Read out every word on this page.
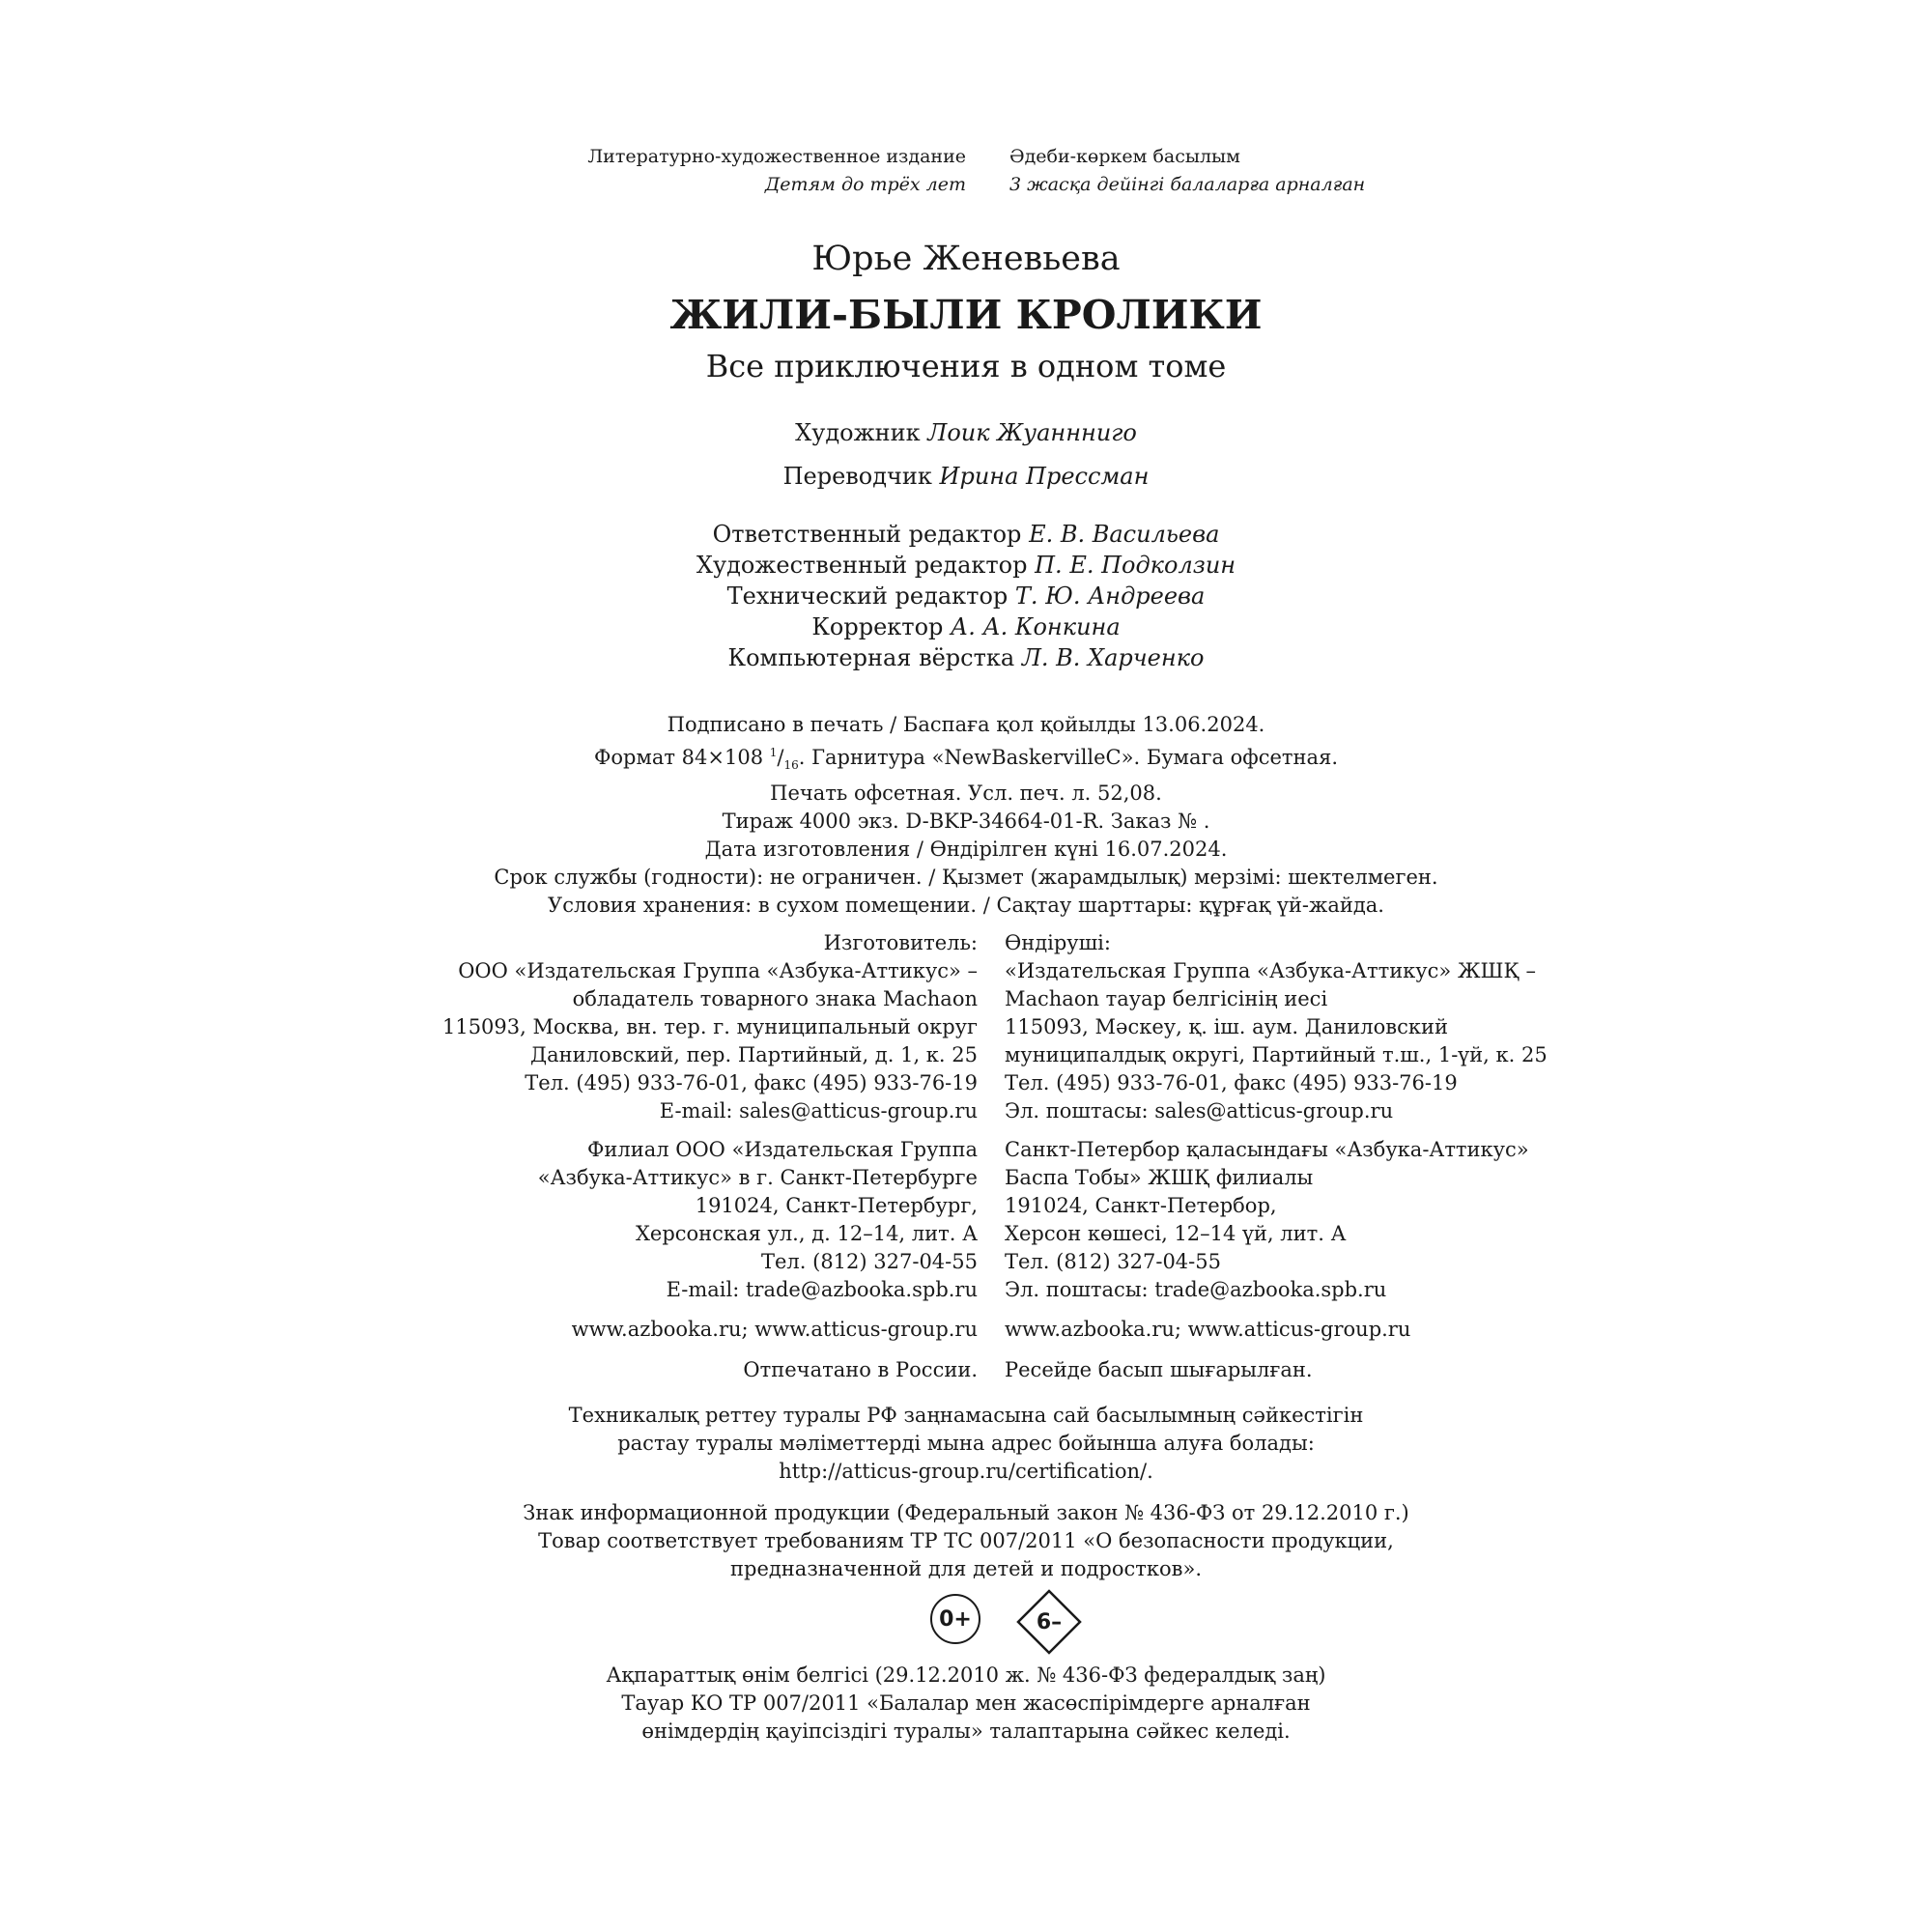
Литературно-художественное издание

Детям до трёх лет

Әдеби-көркем басылым

3 жасқа дейінгі балаларға арналған

Юрье Женевьева
ЖИЛИ-БЫЛИ КРОЛИКИ
Все приключения в одном томе
Художник Лоик Жуаннниго
Переводчик Ирина Прессман

Ответственный редактор Е. В. Васильева

Художественный редактор П. Е. Подколзин

Технический редактор Т. Ю. Андреева

Корректор А. А. Конкина

Компьютерная вёрстка Л. В. Харченко

Подписано в печать / Баспаға қол қойылды 13.06.2024.

Формат 84×108 $^1/_{16}$. Гарнитура «NewBaskervilleC». Бумага офсетная.

Печать офсетная. Усл. печ. л. 52,08.

Тираж 4000 экз. D-BKP-34664-01-R. Заказ № .

Дата изготовления / Өндірілген күні 16.07.2024.

Срок службы (годности): не ограничен. / Қызмет (жарамдылық) мерзімі: шектелмеген.

Условия хранения: в сухом помещении. / Сақтау шарттары: құрғақ үй-жайда.

Изготовитель:

ООО «Издательская Группа «Азбука-Аттикус» –

обладатель товарного знака Machaon

115093, Москва, вн. тер. г. муниципальный округ

Даниловский, пер. Партийный, д. 1, к. 25

Тел. (495) 933-76-01, факс (495) 933-76-19

E-mail: sales@atticus-group.ru

Өндіруші:

«Издательская Группа «Азбука-Аттикус» ЖШҚ –

Machaon тауар белгісінің иесі

115093, Мәскеу, қ. іш. аум. Даниловский

муниципалдық округі, Партийный т.ш., 1-үй, к. 25

Тел. (495) 933-76-01, факс (495) 933-76-19

Эл. поштасы: sales@atticus-group.ru

Филиал ООО «Издательская Группа

«Азбука-Аттикус» в г. Санкт-Петербурге

191024, Санкт-Петербург,

Херсонская ул., д. 12–14, лит. А

Тел. (812) 327-04-55

E-mail: trade@azbooka.spb.ru

Санкт-Петербор қаласындағы «Азбука-Аттикус»

Баспа Тобы» ЖШҚ филиалы

191024, Санкт-Петербор,

Херсон көшесі, 12–14 үй, лит. А

Тел. (812) 327-04-55

Эл. поштасы: trade@azbooka.spb.ru

www.azbooka.ru; www.atticus-group.ru www.azbooka.ru; www.atticus-group.ru
Отпечатано в России. Ресейде басып шығарылған.

Техникалық реттеу туралы РФ заңнамасына сай басылымның сәйкестігін

растау туралы мәліметтерді мына адрес бойынша алуға болады:

http://atticus-group.ru/certification/.

Знак информационной продукции (Федеральный закон № 436-ФЗ от 29.12.2010 г.)

Товар соответствует требованиям ТР ТС 007/2011 «О безопасности продукции,

предназначенной для детей и подростков».

0+	6–

Ақпараттық өнім белгісі (29.12.2010 ж. № 436-ФЗ федералдық заң)

Тауар КО ТР 007/2011 «Балалар мен жасөспірімдерге арналған

өнімдердің қауіпсіздігі туралы» талаптарына сәйкес келеді.
